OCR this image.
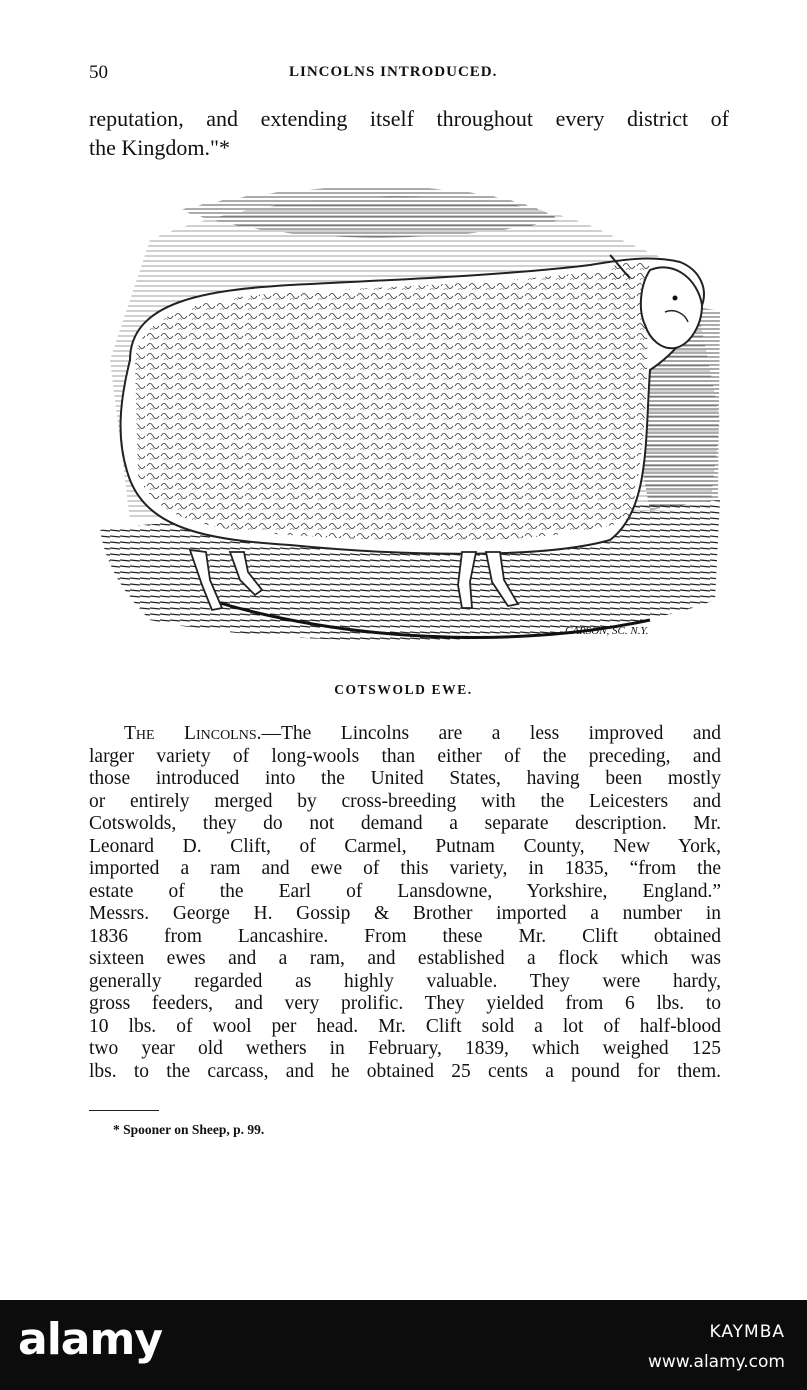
50	LINCOLNS INTRODUCED.
reputation, and extending itself throughout every district of
the Kingdom."*
CARSON, SC. N.Y.
COTSWOLD EWE.
The Lincolns.—The Lincolns are a less improved and
larger variety of long-wools than either of the preceding, and
those introduced into the United States, having been mostly
or entirely merged by cross-breeding with the Leicesters and
Cotswolds, they do not demand a separate description. Mr.
Leonard D. Clift, of Carmel, Putnam County, New York,
imported a ram and ewe of this variety, in 1835, “from the
estate of the Earl of Lansdowne, Yorkshire, England.”
Messrs. George H. Gossip & Brother imported a number in
1836 from Lancashire. From these Mr. Clift obtained
sixteen ewes and a ram, and established a flock which was
generally regarded as highly valuable. They were hardy,
gross feeders, and very prolific. They yielded from 6 lbs. to
10 lbs. of wool per head. Mr. Clift sold a lot of half-blood
two year old wethers in February, 1839, which weighed 125
lbs. to the carcass, and he obtained 25 cents a pound for them.
* Spooner on Sheep, p. 99.
alamy	KAYMBA
www.alamy.com
